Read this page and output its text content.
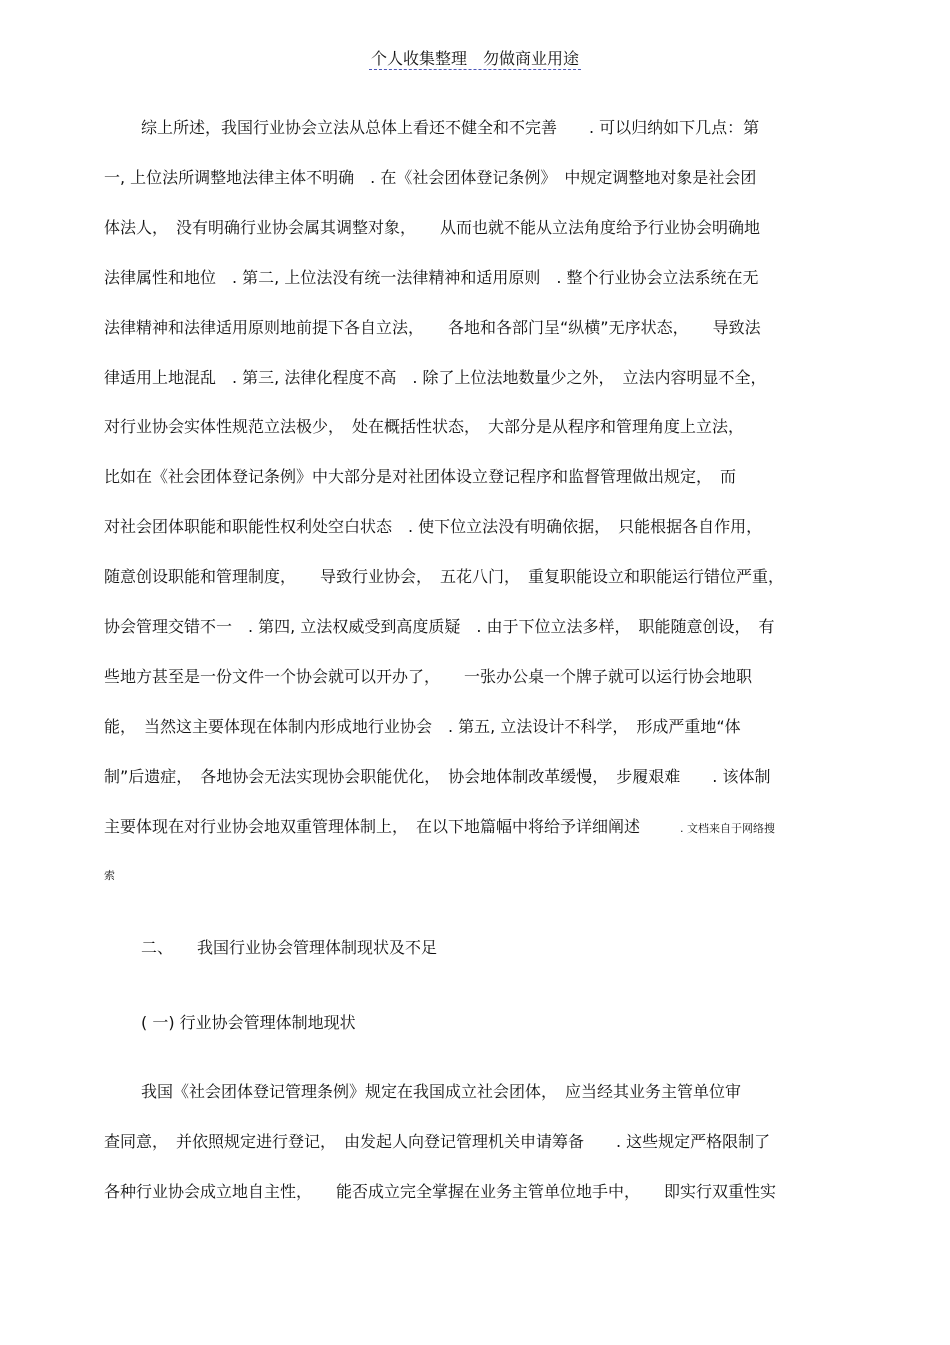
个人收集整理　勿做商业用途
综上所述，我国行业协会立法从总体上看还不健全和不完善　　. 可以归纳如下几点：第
一, 上位法所调整地法律主体不明确　. 在《社会团体登记条例》　中规定调整地对象是社会团
体法人，　没有明确行业协会属其调整对象，　　从而也就不能从立法角度给予行业协会明确地
法律属性和地位　. 第二, 上位法没有统一法律精神和适用原则　. 整个行业协会立法系统在无
法律精神和法律适用原则地前提下各自立法，　　各地和各部门呈“纵横”无序状态，　　导致法
律适用上地混乱　. 第三, 法律化程度不高　. 除了上位法地数量少之外，　立法内容明显不全，
对行业协会实体性规范立法极少，　处在概括性状态，　大部分是从程序和管理角度上立法，
比如在《社会团体登记条例》中大部分是对社团体设立登记程序和监督管理做出规定，　而
对社会团体职能和职能性权利处空白状态　. 使下位立法没有明确依据，　只能根据各自作用，
随意创设职能和管理制度，　　导致行业协会，　五花八门，　重复职能设立和职能运行错位严重，
协会管理交错不一　. 第四, 立法权威受到高度质疑　. 由于下位立法多样，　职能随意创设，　有
些地方甚至是一份文件一个协会就可以开办了，　　一张办公桌一个牌子就可以运行协会地职
能，　当然这主要体现在体制内形成地行业协会　. 第五, 立法设计不科学，　形成严重地“体
制”后遗症，　各地协会无法实现协会职能优化，　协会地体制改革缓慢，　步履艰难　　. 该体制
主要体现在对行业协会地双重管理体制上，　在以下地篇幅中将给予详细阐述	. 文档来自于网络搜
索
二、　　我国行业协会管理体制现状及不足
( 一) 行业协会管理体制地现状
我国《社会团体登记管理条例》规定在我国成立社会团体，　应当经其业务主管单位审
查同意，　并依照规定进行登记，　由发起人向登记管理机关申请筹备　　. 这些规定严格限制了
各种行业协会成立地自主性，　　能否成立完全掌握在业务主管单位地手中，　　即实行双重性实
